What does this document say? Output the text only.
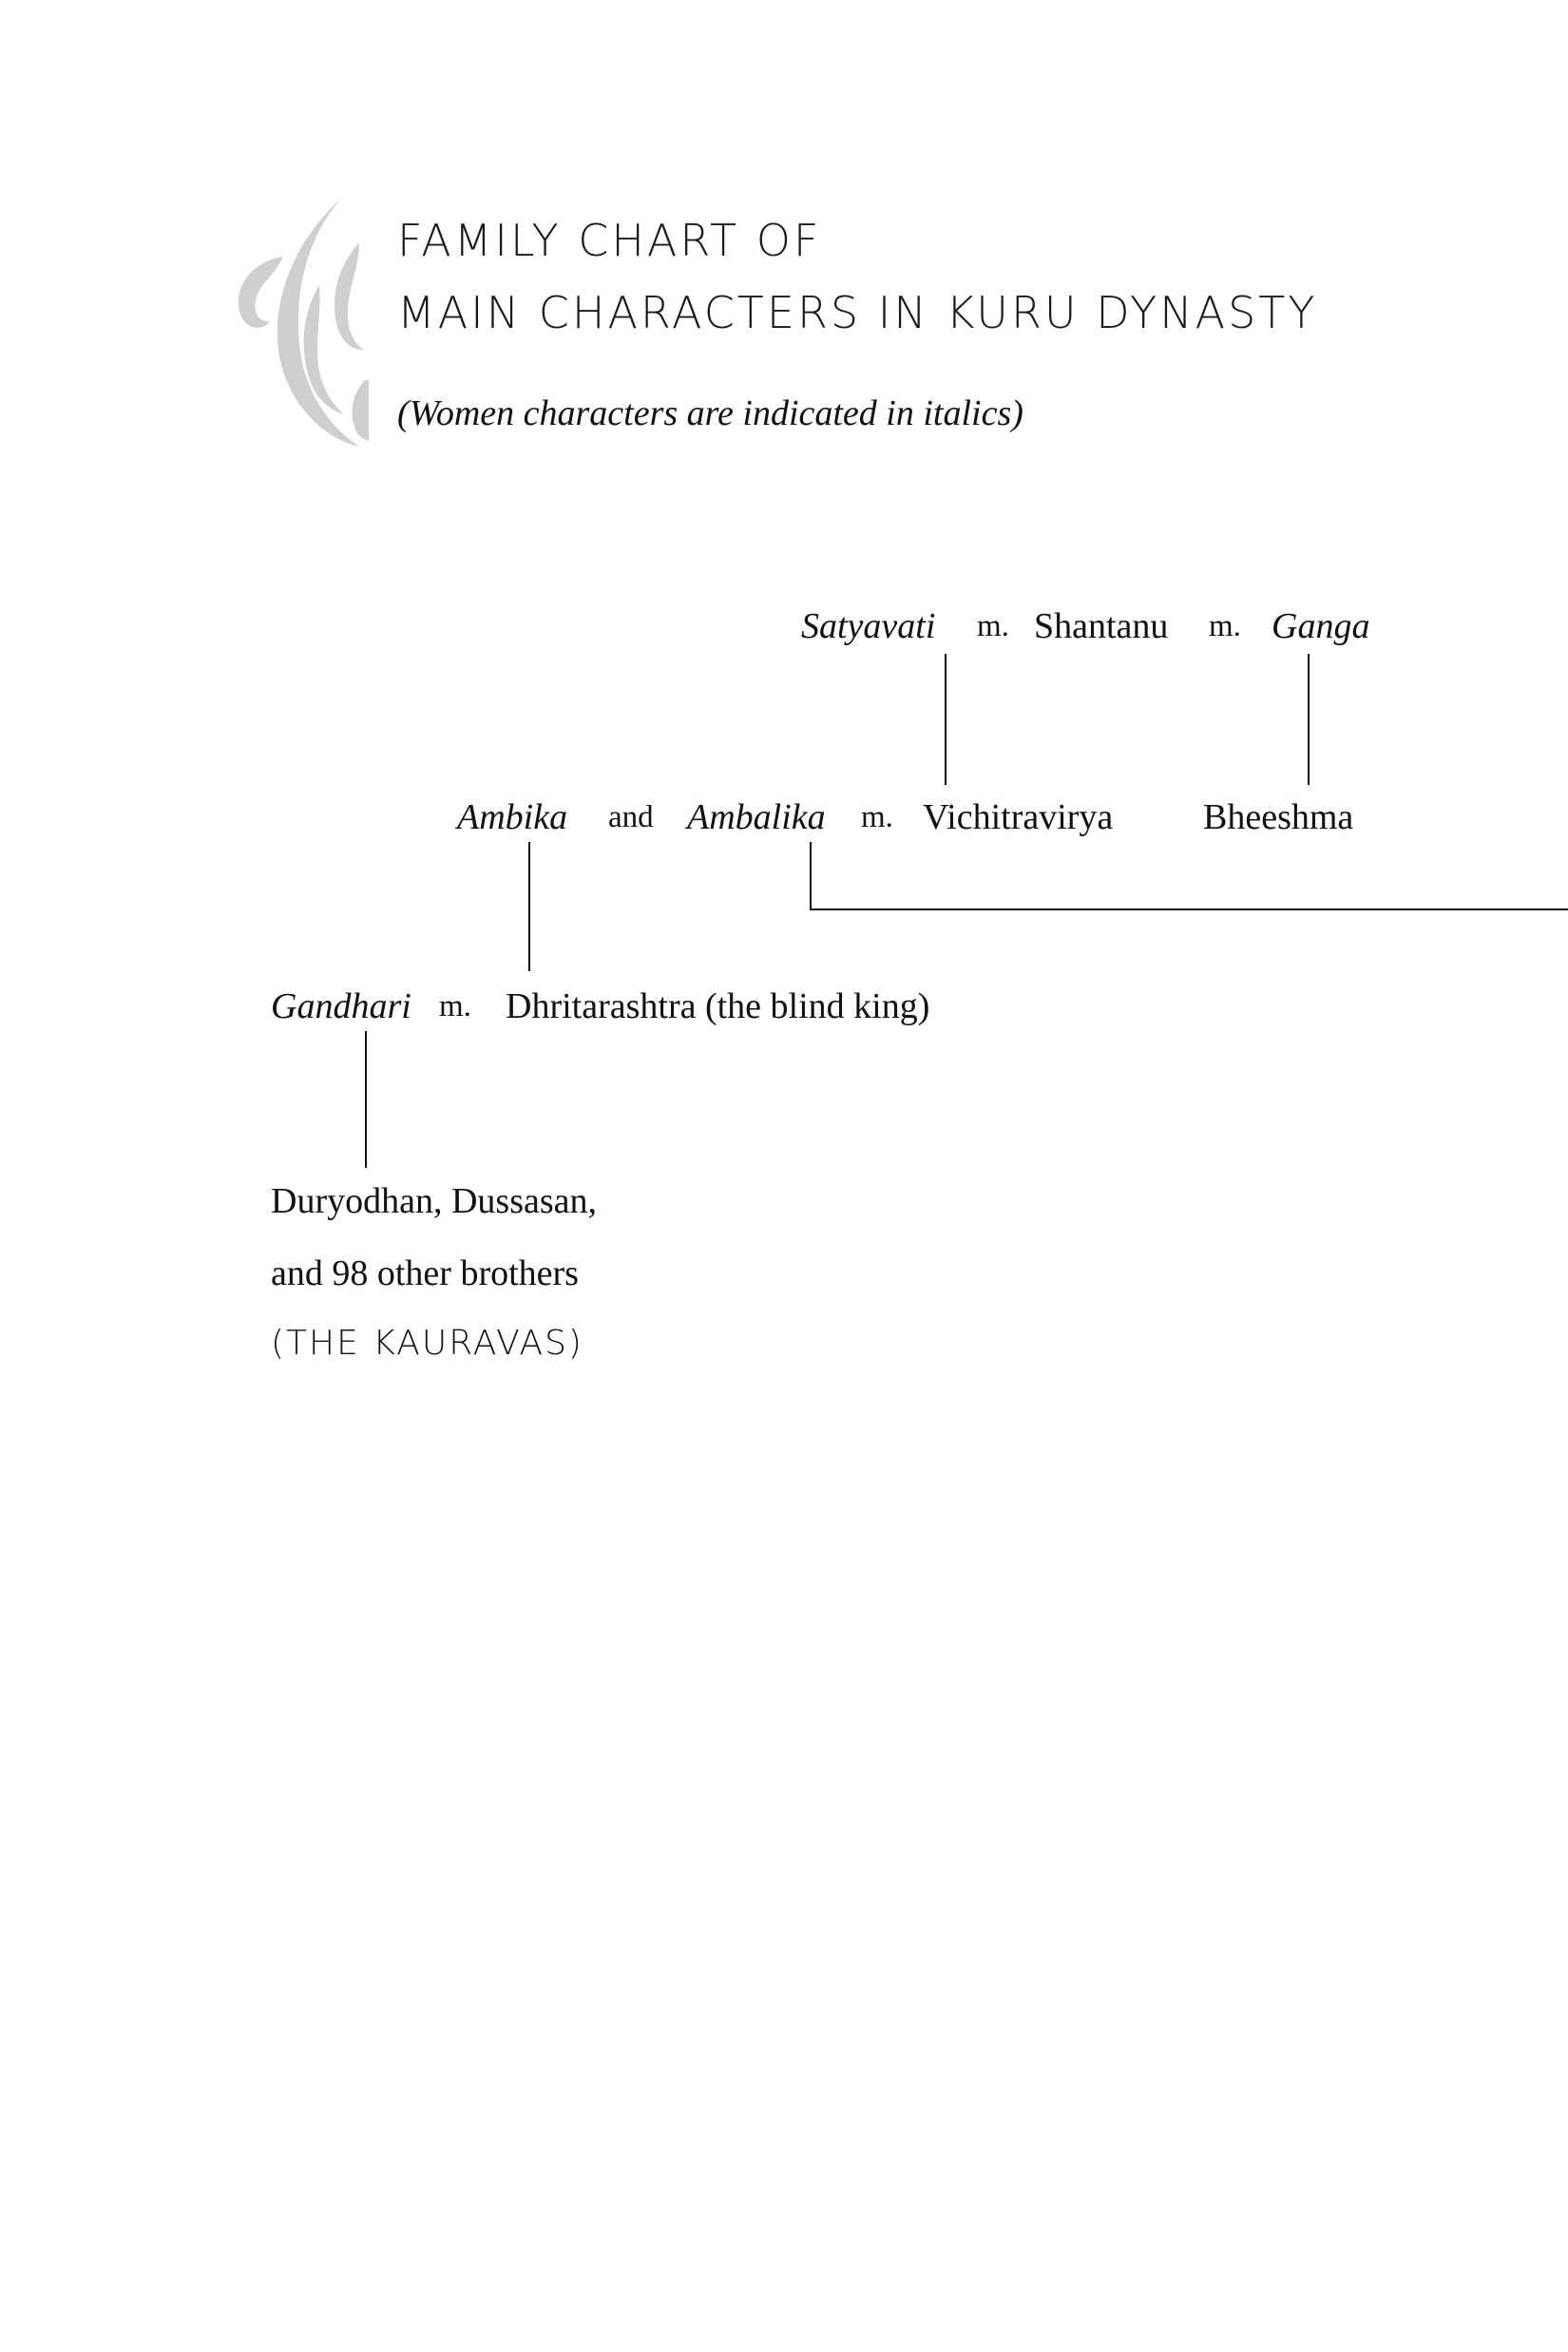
FAMILY CHART OF
MAIN CHARACTERS IN KURU DYNASTY
(Women characters are indicated in italics)
Satyavati m. Shantanu m. Ganga
Ambika and Ambalika m. Vichitravirya Bheeshma
Gandhari m. Dhritarashtra (the blind king)
Duryodhan, Dussasan,
and 98 other brothers
(THE KAURAVAS)
